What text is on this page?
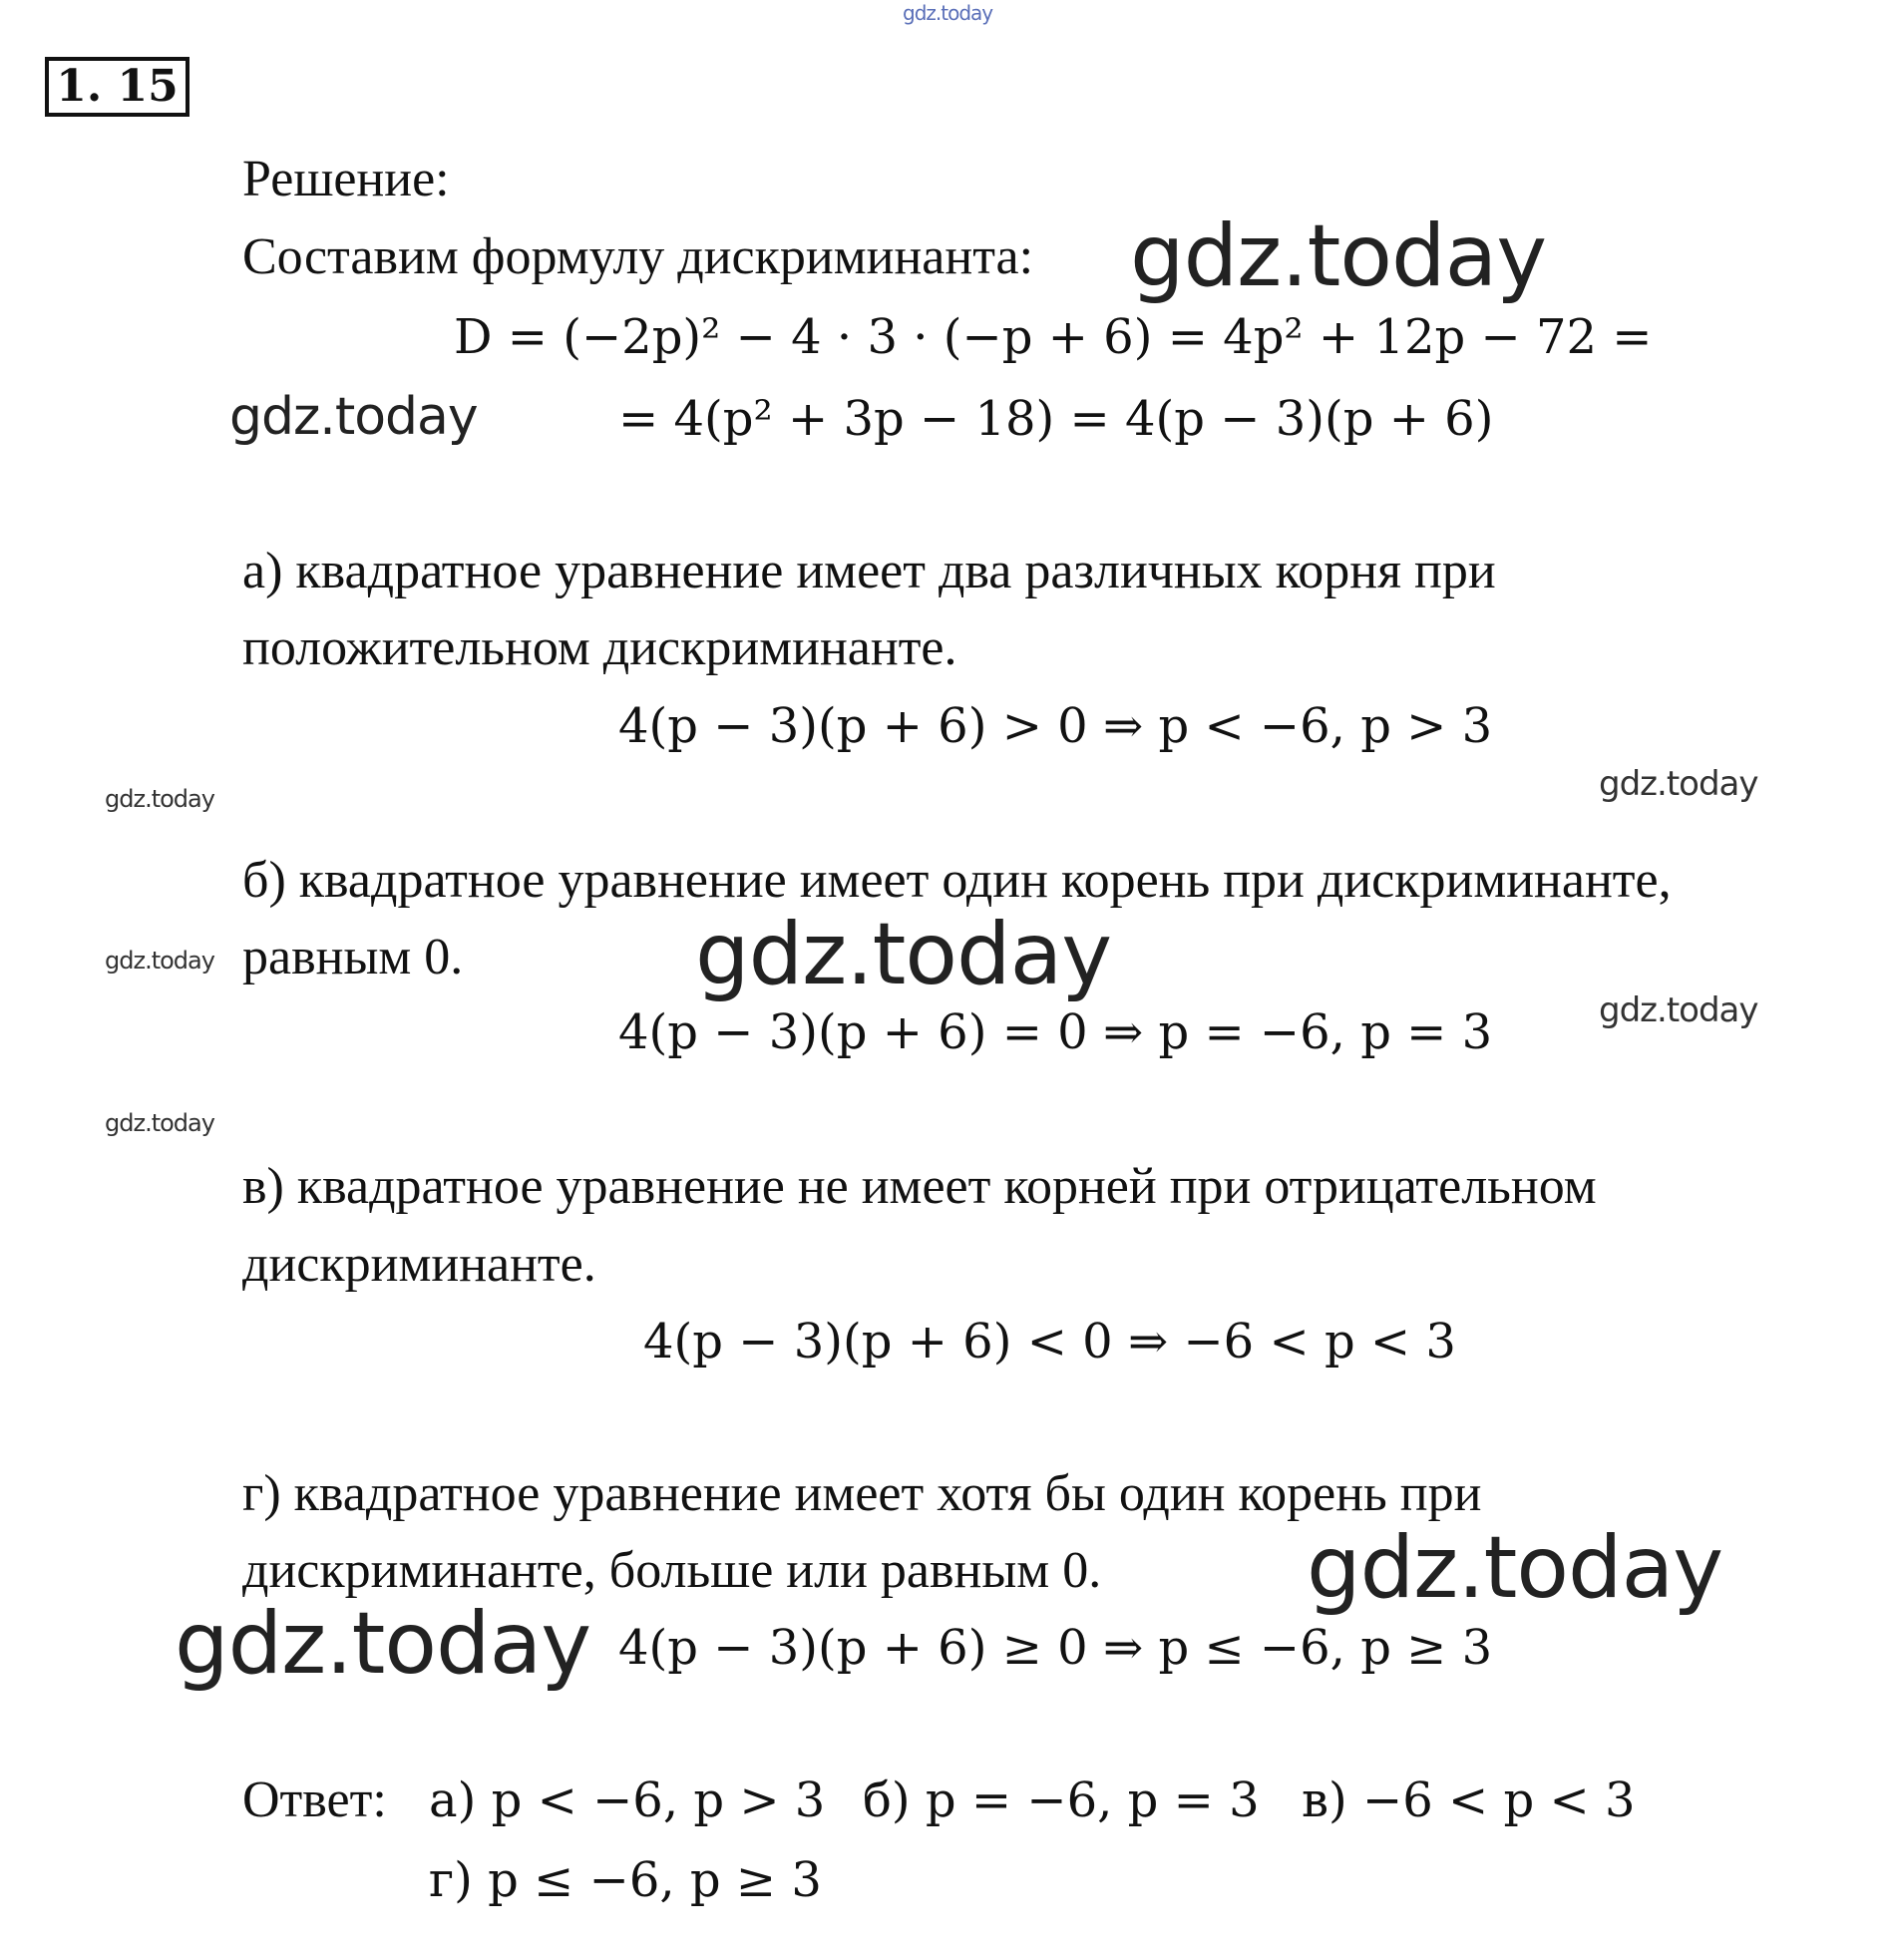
gdz.today
1. 15
Решение:
Составим формулу дискриминанта: gdz.today
D = (−2p)² − 4 · 3 · (−p + 6) = 4p² + 12p − 72 =
gdz.today	= 4(p² + 3p − 18) = 4(p − 3)(p + 6)
а) квадратное уравнение имеет два различных корня при
положительном дискриминанте.
4(p − 3)(p + 6) > 0 ⇒ p < −6, p > 3
gdz.today	gdz.today
б) квадратное уравнение имеет один корень при дискриминанте,
gdz.today равным 0.	gdz.today
4(p − 3)(p + 6) = 0 ⇒ p = −6, p = 3	gdz.today
gdz.today
в) квадратное уравнение не имеет корней при отрицательном
дискриминанте.
4(p − 3)(p + 6) < 0 ⇒ −6 < p < 3
г) квадратное уравнение имеет хотя бы один корень при
дискриминанте, больше или равным 0. gdz.today
gdz.today 4(p − 3)(p + 6) ≥ 0 ⇒ p ≤ −6, p ≥ 3
Ответ: а) p < −6, p > 3 б) p = −6, p = 3 в) −6 < p < 3
г) p ≤ −6, p ≥ 3
